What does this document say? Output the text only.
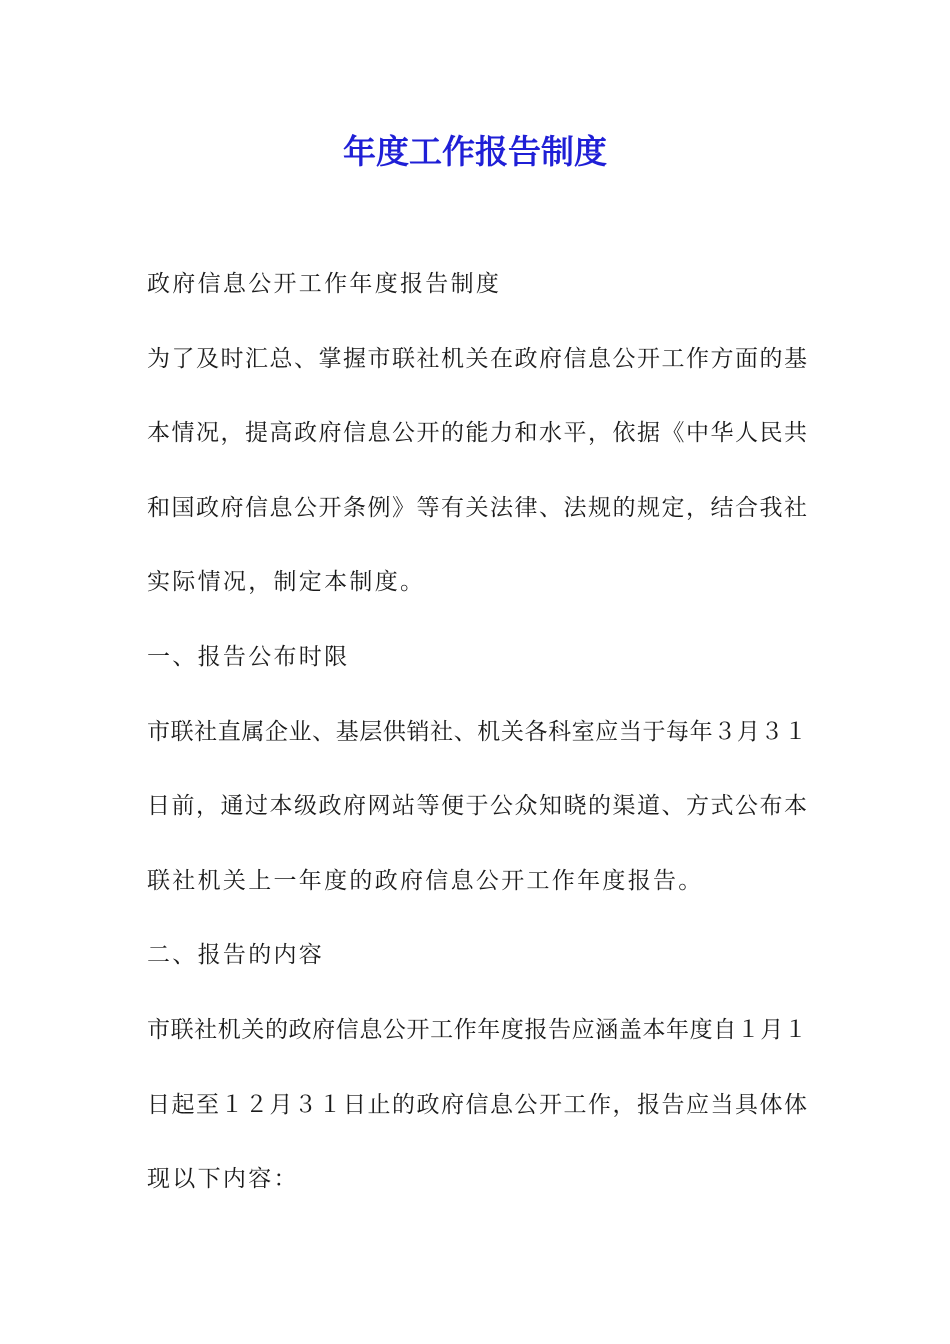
年度工作报告制度
政府信息公开工作年度报告制度
为了及时汇总、掌握市联社机关在政府信息公开工作方面的基
本情况，提高政府信息公开的能力和水平，依据《中华人民共
和国政府信息公开条例》等有关法律、法规的规定，结合我社
实际情况，制定本制度。
一、报告公布时限
市联社直属企业、基层供销社、机关各科室应当于每年３月３１
日前，通过本级政府网站等便于公众知晓的渠道、方式公布本
联社机关上一年度的政府信息公开工作年度报告。
二、报告的内容
市联社机关的政府信息公开工作年度报告应涵盖本年度自１月１
日起至１２月３１日止的政府信息公开工作，报告应当具体体
现以下内容：
